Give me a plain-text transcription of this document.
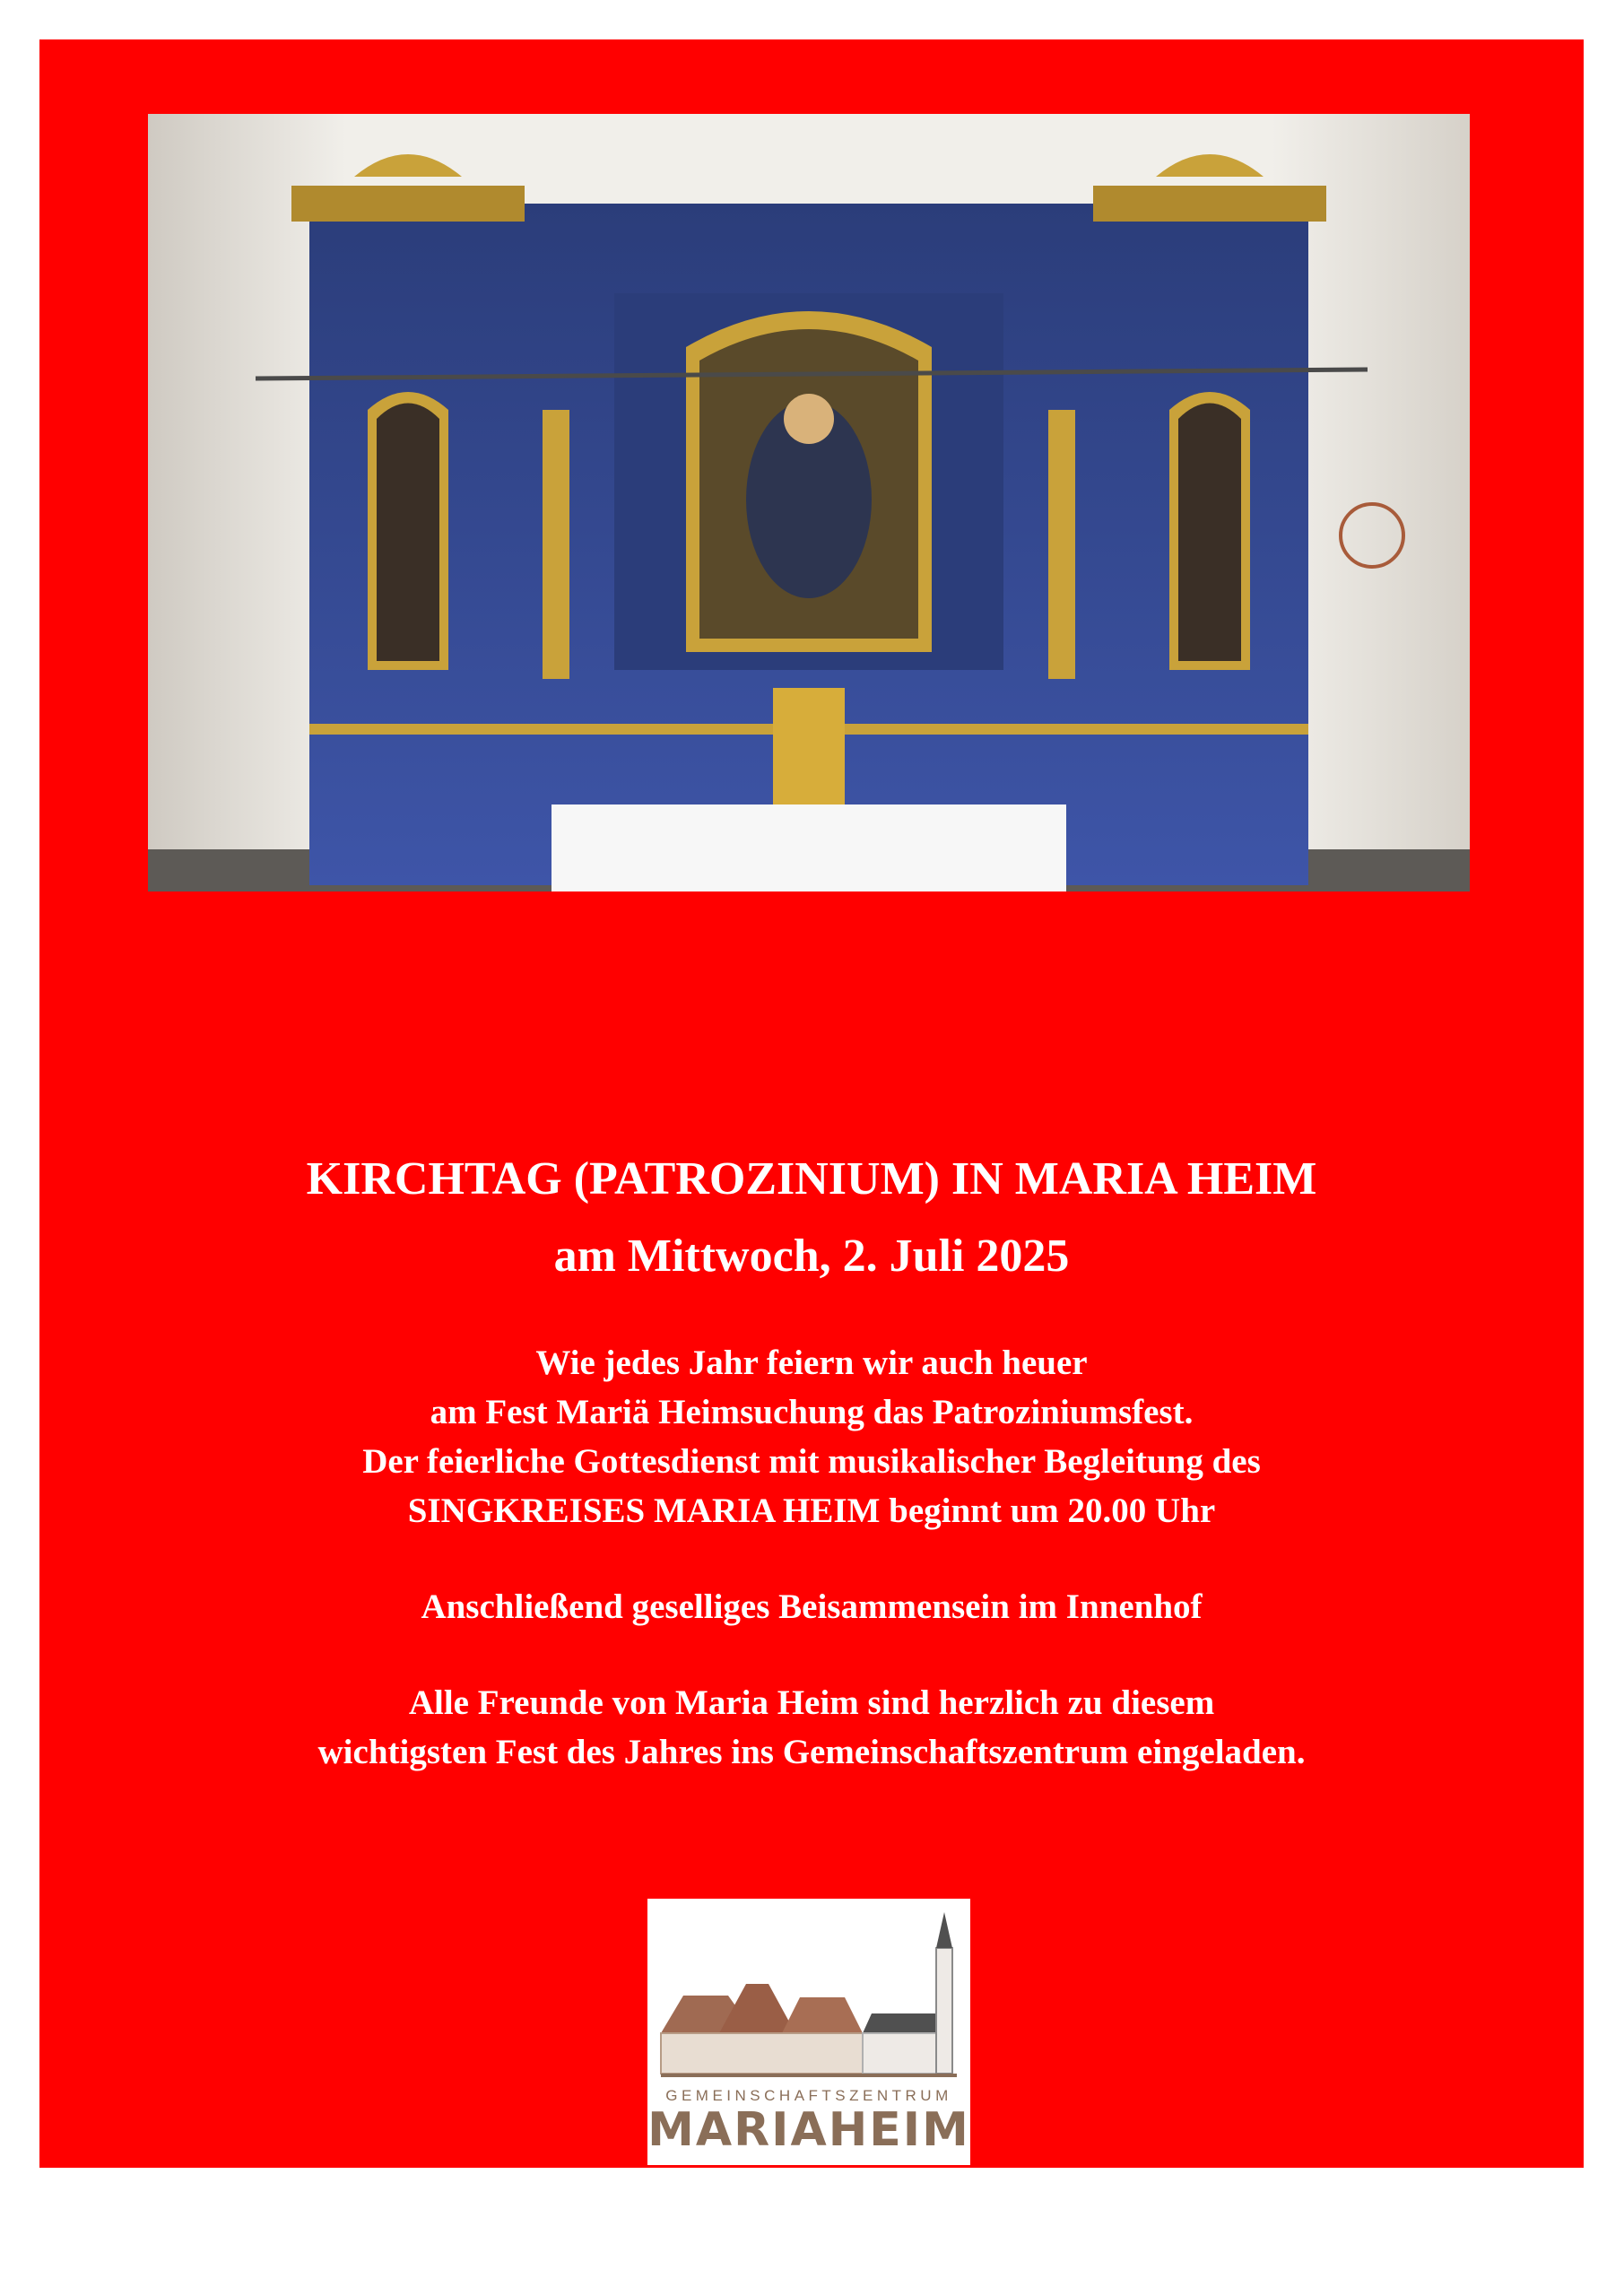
KIRCHTAG (PATROZINIUM) IN MARIA HEIM
am Mittwoch, 2. Juli 2025

Wie jedes Jahr feiern wir auch heuer

am Fest Mariä Heimsuchung das Patroziniumsfest.

Der feierliche Gottesdienst mit musikalischer Begleitung des

SINGKREISES MARIA HEIM beginnt um 20.00 Uhr

Anschließend geselliges Beisammensein im Innenhof

Alle Freunde von Maria Heim sind herzlich zu diesem

wichtigsten Fest des Jahres ins Gemeinschaftszentrum eingeladen.

GEMEINSCHAFTSZENTRUM
MARIAHEIM
